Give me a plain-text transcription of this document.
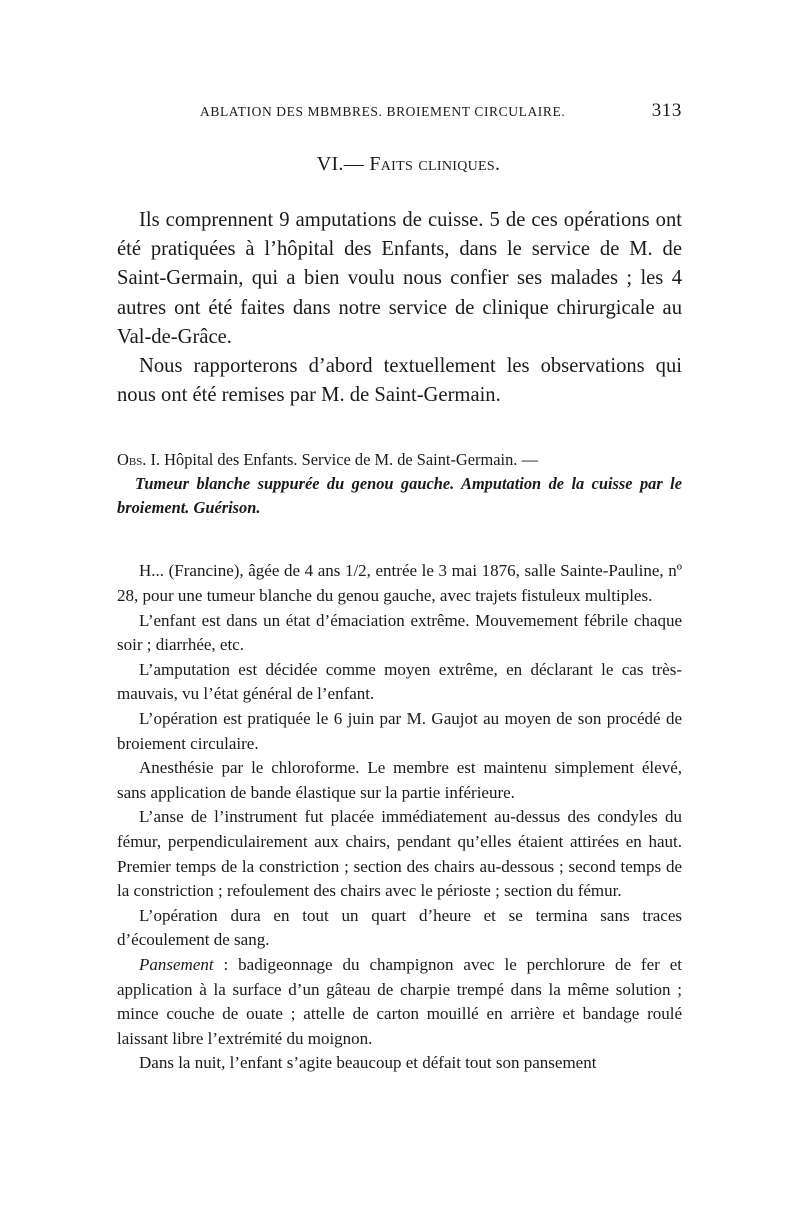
ABLATION DES MBMBRES. BROIEMENT CIRCULAIRE.	313
VI.— Faits cliniques.

Ils comprennent 9 amputations de cuisse. 5 de ces opérations ont été pratiquées à l’hôpital des Enfants, dans le service de M. de Saint-Germain, qui a bien voulu nous confier ses malades ; les 4 autres ont été faites dans notre service de clinique chirurgicale au Val-de-Grâce.

Nous rapporterons d’abord textuellement les observations qui nous ont été remises par M. de Saint-Germain.

Obs. I. Hôpital des Enfants. Service de M. de Saint-Germain. —
Tumeur blanche suppurée du genou gauche. Amputation de la cuisse par le broiement. Guérison.

H... (Francine), âgée de 4 ans 1/2, entrée le 3 mai 1876, salle Sainte-Pauline, nº 28, pour une tumeur blanche du genou gauche, avec trajets fistuleux multiples.

L’enfant est dans un état d’émaciation extrême. Mouvemement fébrile chaque soir ; diarrhée, etc.

L’amputation est décidée comme moyen extrême, en déclarant le cas très-mauvais, vu l’état général de l’enfant.

L’opération est pratiquée le 6 juin par M. Gaujot au moyen de son procédé de broiement circulaire.

Anesthésie par le chloroforme. Le membre est maintenu simplement élevé, sans application de bande élastique sur la partie inférieure.

L’anse de l’instrument fut placée immédiatement au-dessus des condyles du fémur, perpendiculairement aux chairs, pendant qu’elles étaient attirées en haut. Premier temps de la constriction ; section des chairs au-dessous ; second temps de la constriction ; refoulement des chairs avec le périoste ; section du fémur.

L’opération dura en tout un quart d’heure et se termina sans traces d’écoulement de sang.

Pansement : badigeonnage du champignon avec le perchlorure de fer et application à la surface d’un gâteau de charpie trempé dans la même solution ; mince couche de ouate ; attelle de carton mouillé en arrière et bandage roulé laissant libre l’extrémité du moignon.

Dans la nuit, l’enfant s’agite beaucoup et défait tout son pansement
